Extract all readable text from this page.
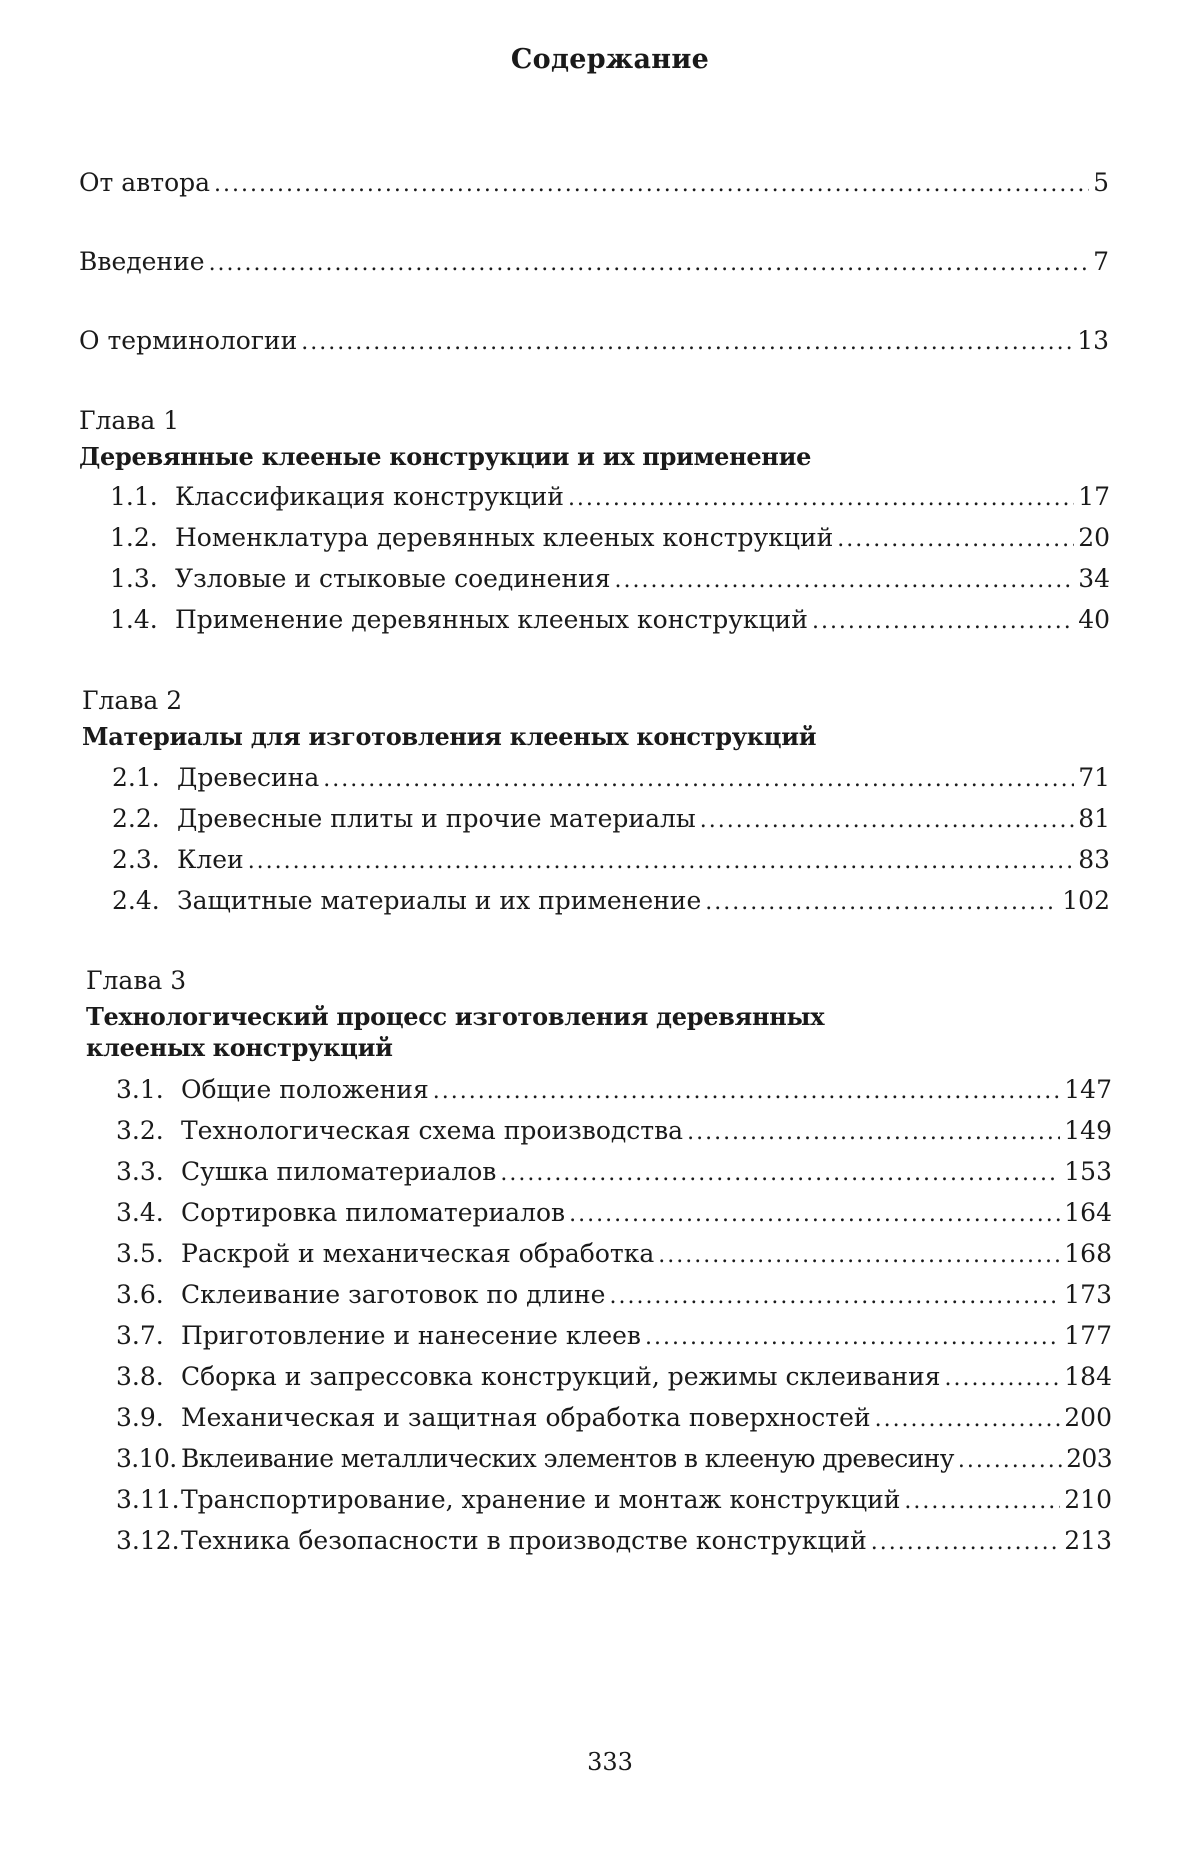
Содержание
От автора .....	5
Введение .....	7
О терминологии .....	13
Глава 1
Деревянные клееные конструкции и их применение
1.1. Классификация конструкций .....	17
1.2. Номенклатура деревянных клееных конструкций .....	20
1.3. Узловые и стыковые соединения .....	34
1.4. Применение деревянных клееных конструкций .....	40
Глава 2
Материалы для изготовления клееных конструкций
2.1. Древесина .....	71
2.2. Древесные плиты и прочие материалы .....	81
2.3. Клеи .....	83
2.4. Защитные материалы и их применение .....	102
Глава 3
Технологический процесс изготовления деревянных
клееных конструкций
3.1. Общие положения .....	147
3.2. Технологическая схема производства .....	149
3.3. Сушка пиломатериалов .....	153
3.4. Сортировка пиломатериалов .....	164
3.5. Раскрой и механическая обработка .....	168
3.6. Склеивание заготовок по длине .....	173
3.7. Приготовление и нанесение клеев .....	177
3.8. Сборка и запрессовка конструкций, режимы склеивания .....	184
3.9. Механическая и защитная обработка поверхностей .....	200
3.10. Вклеивание металлических элементов в клееную древесину .....	203
3.11. Транспортирование, хранение и монтаж конструкций .....	210
3.12. Техника безопасности в производстве конструкций .....	213
333
